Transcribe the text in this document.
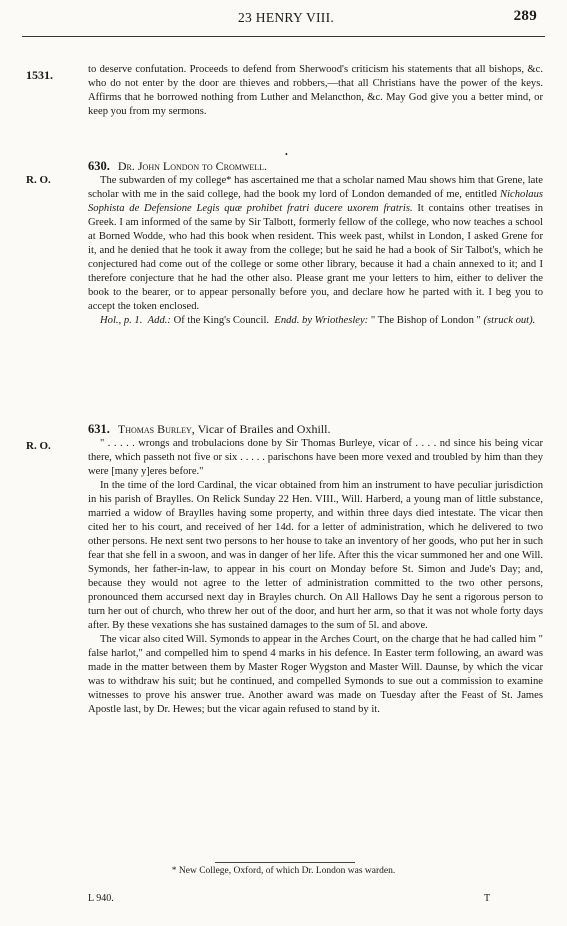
23 HENRY VIII.	289
1531.	to deserve confutation. Proceeds to defend from Sherwood's criticism his statements that all bishops, &c. who do not enter by the door are thieves and robbers,—that all Christians have the power of the keys. Affirms that he borrowed nothing from Luther and Melancthon, &c. May God give you a better mind, or keep you from my sermons.

•
R. O.
630. Dr. John London to Cromwell.

The subwarden of my college* has ascertained me that a scholar named Mau shows him that Grene, late scholar with me in the said college, had the book my lord of London demanded of me, entitled Nicholaus Sophista de Defensione Legis quæ prohibet fratri ducere uxorem fratris. It contains other treatises in Greek. I am informed of the same by Sir Talbott, formerly fellow of the college, who now teaches a school at Borned Wodde, who had this book when resident. This week past, whilst in London, I asked Grene for it, and he denied that he took it away from the college; but he said he had a book of Sir Talbot's, which he conjectured had come out of the college or some other library, because it had a chain annexed to it; and I therefore conjecture that he had the other also. Please grant me your letters to him, either to deliver the book to the bearer, or to appear personally before you, and declare how he parted with it. I beg you to accept the token enclosed.

Hol., p. 1. Add.: Of the King's Council. Endd. by Wriothesley: " The Bishop of London " (struck out).

R. O.
631. Thomas Burley, Vicar of Brailes and Oxhill.

" . . . . . wrongs and trobulacions done by Sir Thomas Burleye, vicar of . . . . nd since his being vicar there, which passeth not five or six . . . . . parischons have been more vexed and troubled by him than they were [many y]eres before."

In the time of the lord Cardinal, the vicar obtained from him an instrument to have peculiar jurisdiction in his parish of Braylles. On Relick Sunday 22 Hen. VIII., Will. Harberd, a young man of little substance, married a widow of Braylles having some property, and within three days died intestate. The vicar then cited her to his court, and received of her 14d. for a letter of administration, which he delivered to two other persons. He next sent two persons to her house to take an inventory of her goods, who put her in such fear that she fell in a swoon, and was in danger of her life. After this the vicar summoned her and one Will. Symonds, her father-in-law, to appear in his court on Monday before St. Simon and Jude's Day; and, because they would not agree to the letter of administration committed to the two other persons, pronounced them accursed next day in Brayles church. On All Hallows Day he sent a rigorous person to turn her out of church, who threw her out of the door, and hurt her arm, so that it was not whole forty days after. By these vexations she has sustained damages to the sum of 5l. and above.

The vicar also cited Will. Symonds to appear in the Arches Court, on the charge that he had called him " false harlot," and compelled him to spend 4 marks in his defence. In Easter term following, an award was made in the matter between them by Master Roger Wygston and Master Will. Daunse, by which the vicar was to withdraw his suit; but he continued, and compelled Symonds to sue out a commission to examine witnesses to prove his answer true. Another award was made on Tuesday after the Feast of St. James Apostle last, by Dr. Hewes; but the vicar again refused to stand by it.

* New College, Oxford, of which Dr. London was warden.
L 940.	T
